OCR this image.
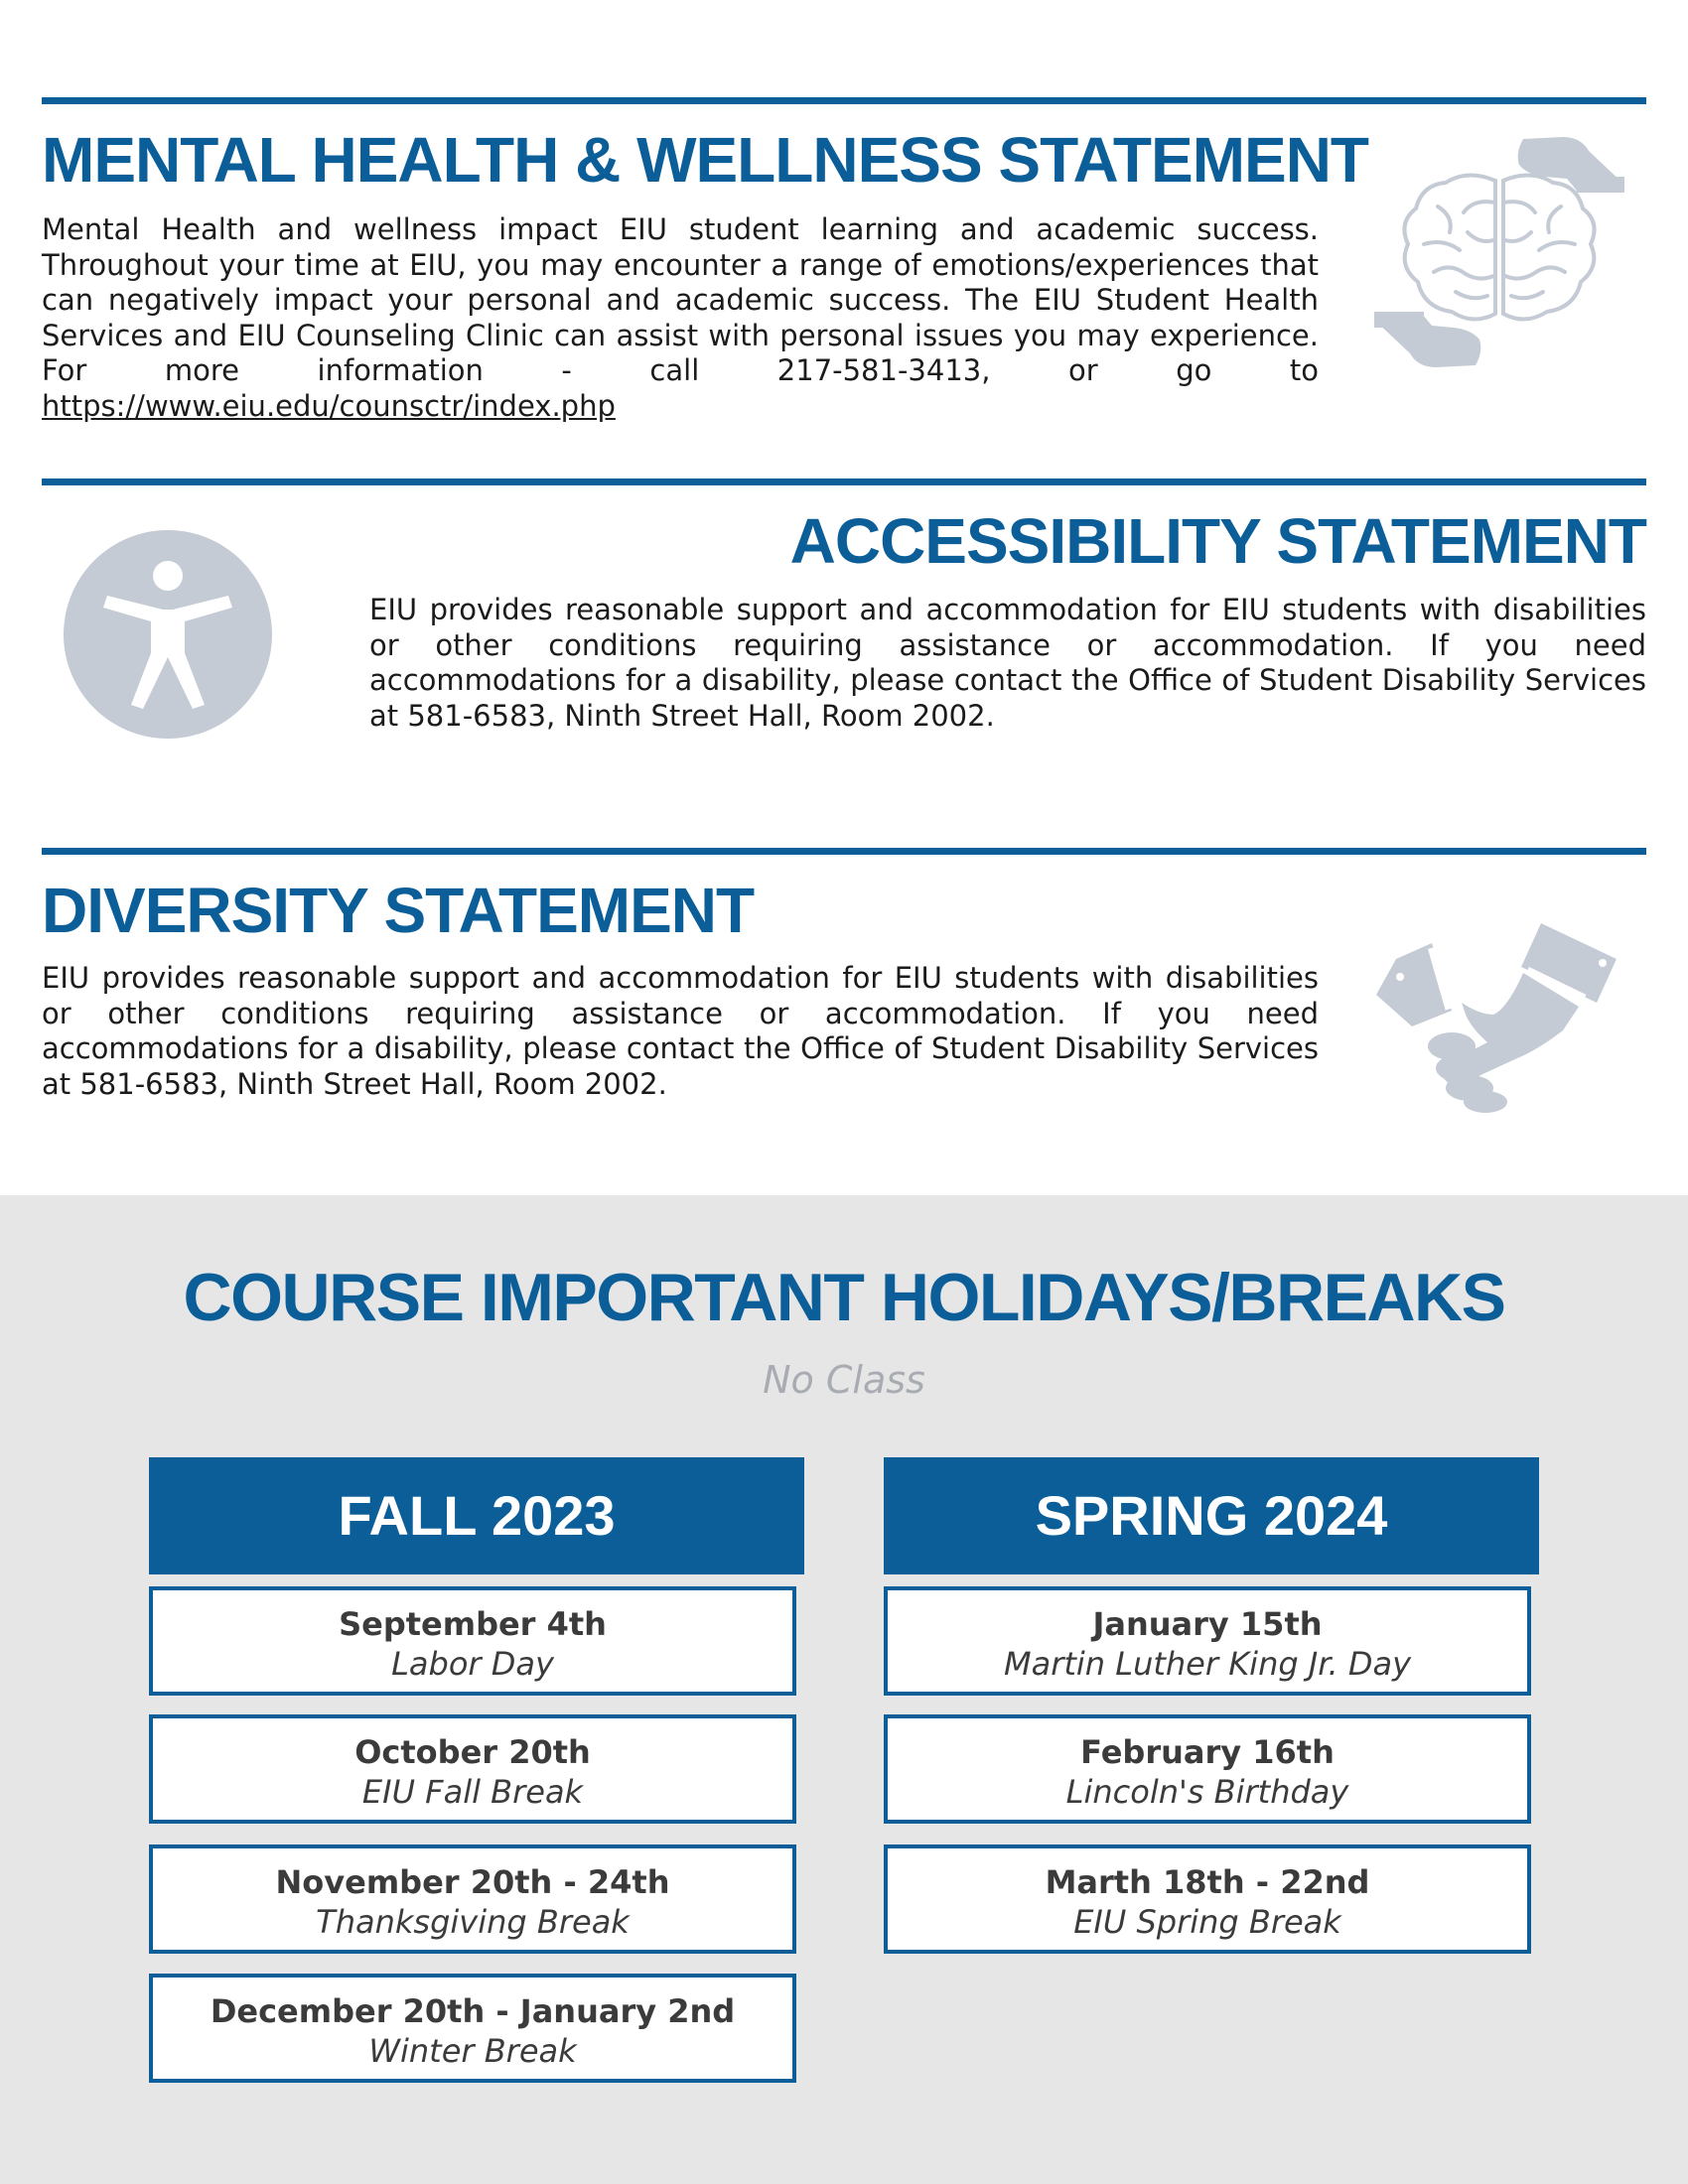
MENTAL HEALTH & WELLNESS STATEMENT

Mental Health and wellness impact EIU student learning and academic success. Throughout your time at EIU, you may encounter a range of emotions/experiences that can negatively impact your personal and academic success. The EIU Student Health Services and EIU Counseling Clinic can assist with personal issues you may experience. For more information - call 217-581-3413, or go to https://www.eiu.edu/counsctr/index.php

ACCESSIBILITY STATEMENT

EIU provides reasonable support and accommodation for EIU students with disabilities or other conditions requiring assistance or accommodation. If you need accommodations for a disability, please contact the Office of Student Disability Services at 581-6583, Ninth Street Hall, Room 2002.

DIVERSITY STATEMENT

EIU provides reasonable support and accommodation for EIU students with disabilities or other conditions requiring assistance or accommodation. If you need accommodations for a disability, please contact the Office of Student Disability Services at 581-6583, Ninth Street Hall, Room 2002.

COURSE IMPORTANT HOLIDAYS/BREAKS

No Class

FALL 2023
September 4th
Labor Day
October 20th
EIU Fall Break
November 20th - 24th
Thanksgiving Break
December 20th - January 2nd
Winter Break
SPRING 2024
January 15th
Martin Luther King Jr. Day
February 16th
Lincoln's Birthday
Marth 18th - 22nd
EIU Spring Break
